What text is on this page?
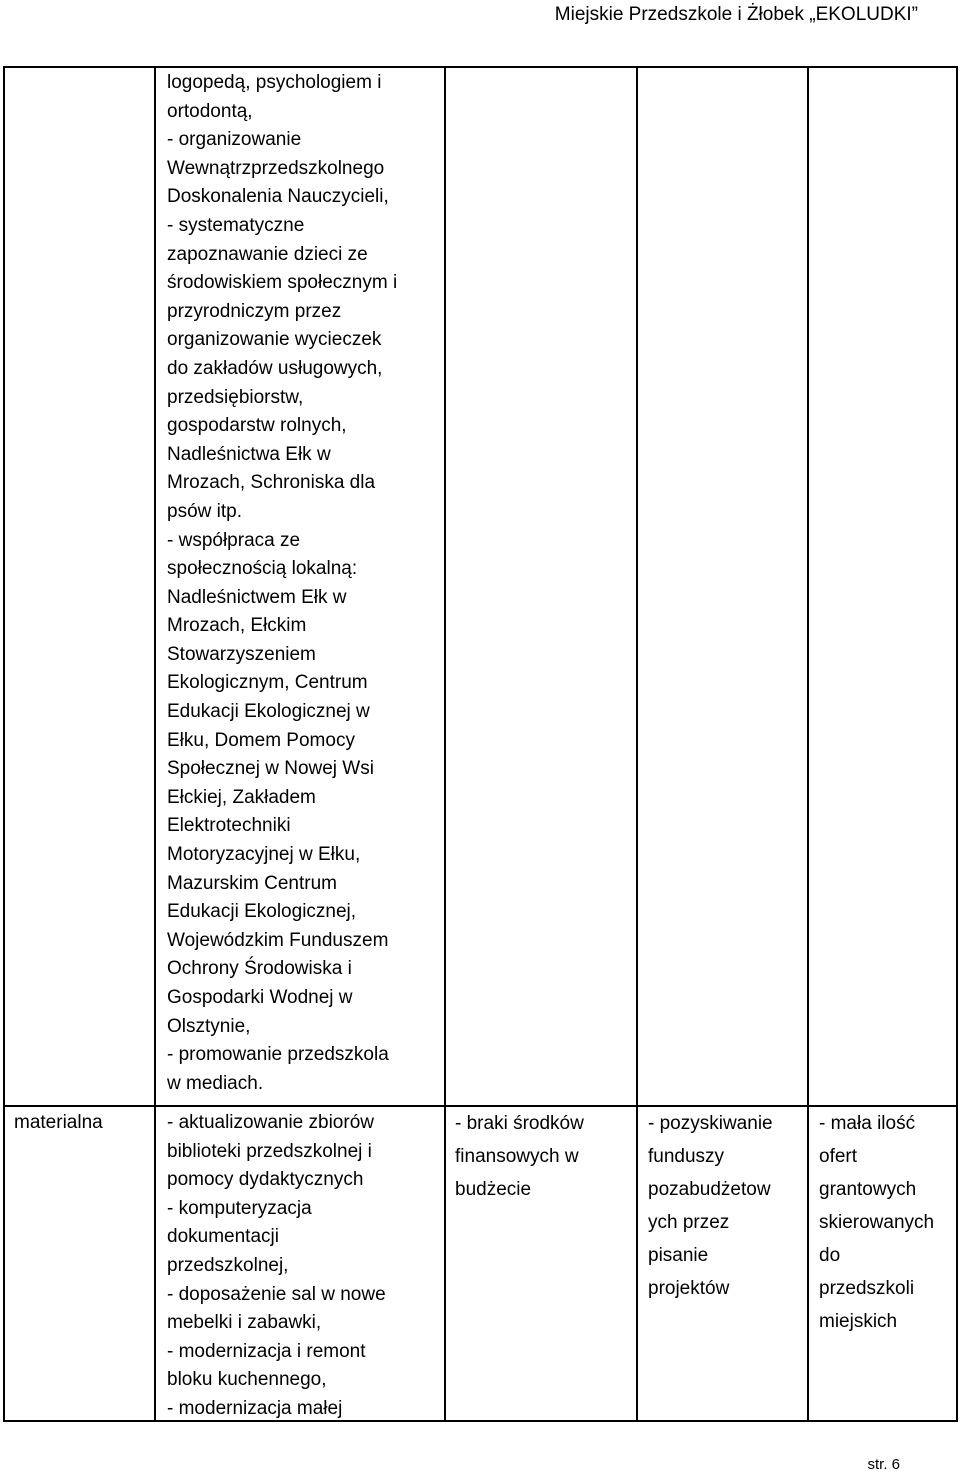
Miejskie Przedszkole i Żłobek „EKOLUDKI”
logopedą, psychologiem i
ortodontą,
- organizowanie
Wewnątrzprzedszkolnego
Doskonalenia Nauczycieli,
- systematyczne
zapoznawanie dzieci ze
środowiskiem społecznym i
przyrodniczym przez
organizowanie wycieczek
do zakładów usługowych,
przedsiębiorstw,
gospodarstw rolnych,
Nadleśnictwa Ełk w
Mrozach, Schroniska dla
psów itp.
- współpraca ze
społecznością lokalną:
Nadleśnictwem Ełk w
Mrozach, Ełckim
Stowarzyszeniem
Ekologicznym, Centrum
Edukacji Ekologicznej w
Ełku, Domem Pomocy
Społecznej w Nowej Wsi
Ełckiej, Zakładem
Elektrotechniki
Motoryzacyjnej w Ełku,
Mazurskim Centrum
Edukacji Ekologicznej,
Wojewódzkim Funduszem
Ochrony Środowiska i
Gospodarki Wodnej w
Olsztynie,
- promowanie przedszkola
w mediach.
materialna	- aktualizowanie zbiorów
biblioteki przedszkolnej i
pomocy dydaktycznych
- komputeryzacja
dokumentacji
przedszkolnej,
- doposażenie sal w nowe
mebelki i zabawki,
- modernizacja i remont
bloku kuchennego,
- modernizacja małej
- braki środków
finansowych w
budżecie
- pozyskiwanie
funduszy
pozabudżetow
ych przez
pisanie
projektów
- mała ilość
ofert
grantowych
skierowanych
do
przedszkoli
miejskich
str. 6
